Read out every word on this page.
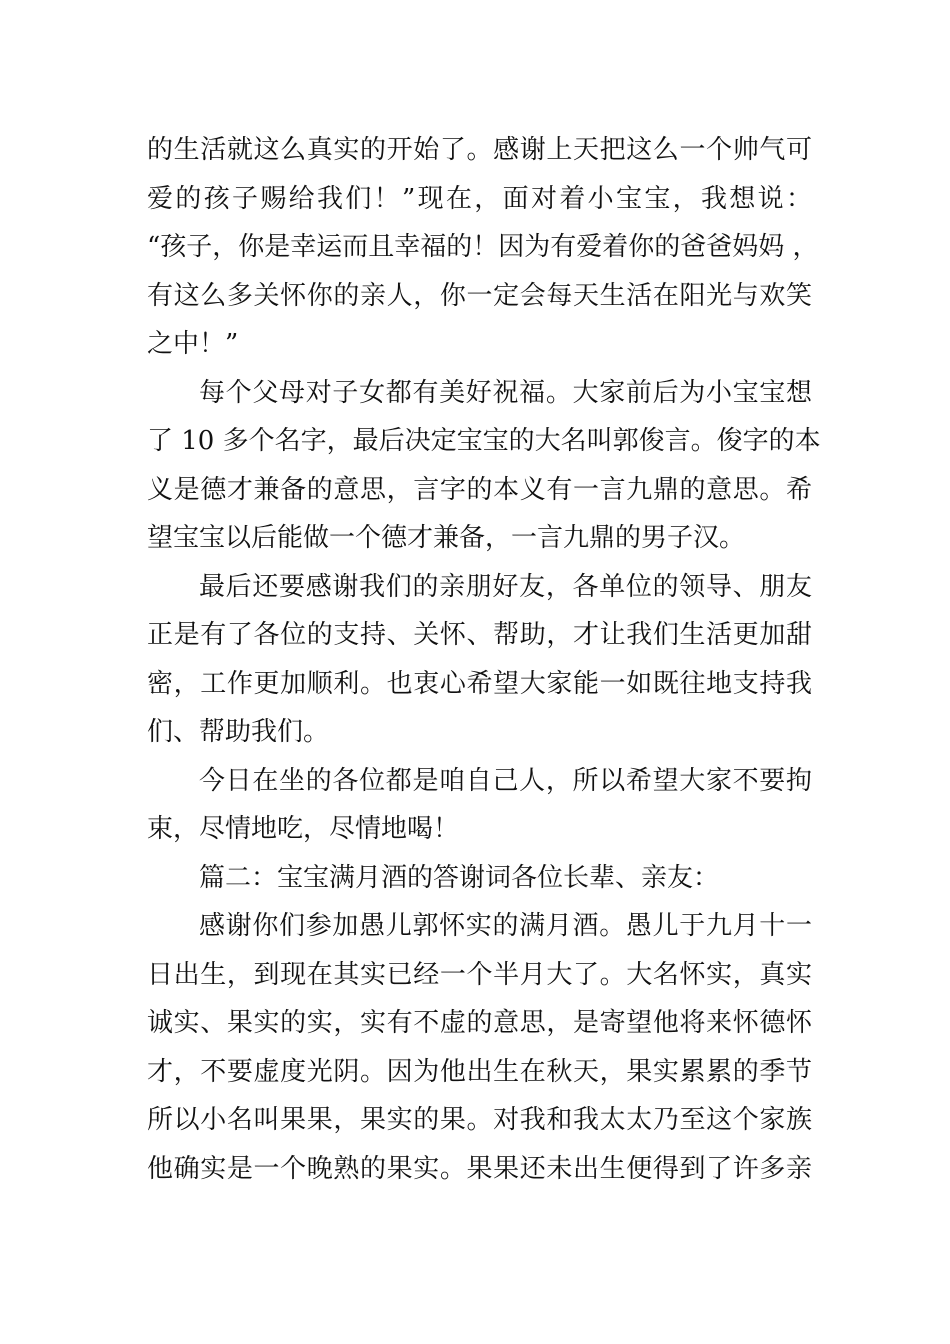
的生活就这么真实的开始了。感谢上天把这么一个帅气可
爱的孩子赐给我们！”现在，面对着小宝宝，我想说：
“孩子，你是幸运而且幸福的！因为有爱着你的爸爸妈妈 ，
有这么多关怀你的亲人，你一定会每天生活在阳光与欢笑
之中！”
每个父母对子女都有美好祝福。大家前后为小宝宝想
了 10 多个名字，最后决定宝宝的大名叫郭俊言。俊字的本
义是德才兼备的意思，言字的本义有一言九鼎的意思。希
望宝宝以后能做一个德才兼备，一言九鼎的男子汉。
最后还要感谢我们的亲朋好友，各单位的领导、朋友
正是有了各位的支持、关怀、帮助，才让我们生活更加甜
密，工作更加顺利。也衷心希望大家能一如既往地支持我
们、帮助我们。
今日在坐的各位都是咱自己人，所以希望大家不要拘
束，尽情地吃，尽情地喝！
篇二：宝宝满月酒的答谢词各位长辈、亲友：
感谢你们参加愚儿郭怀实的满月酒。愚儿于九月十一
日出生，到现在其实已经一个半月大了。大名怀实，真实
诚实、果实的实，实有不虚的意思，是寄望他将来怀德怀
才，不要虚度光阴。因为他出生在秋天，果实累累的季节
所以小名叫果果，果实的果。对我和我太太乃至这个家族
他确实是一个晚熟的果实。果果还未出生便得到了许多亲
